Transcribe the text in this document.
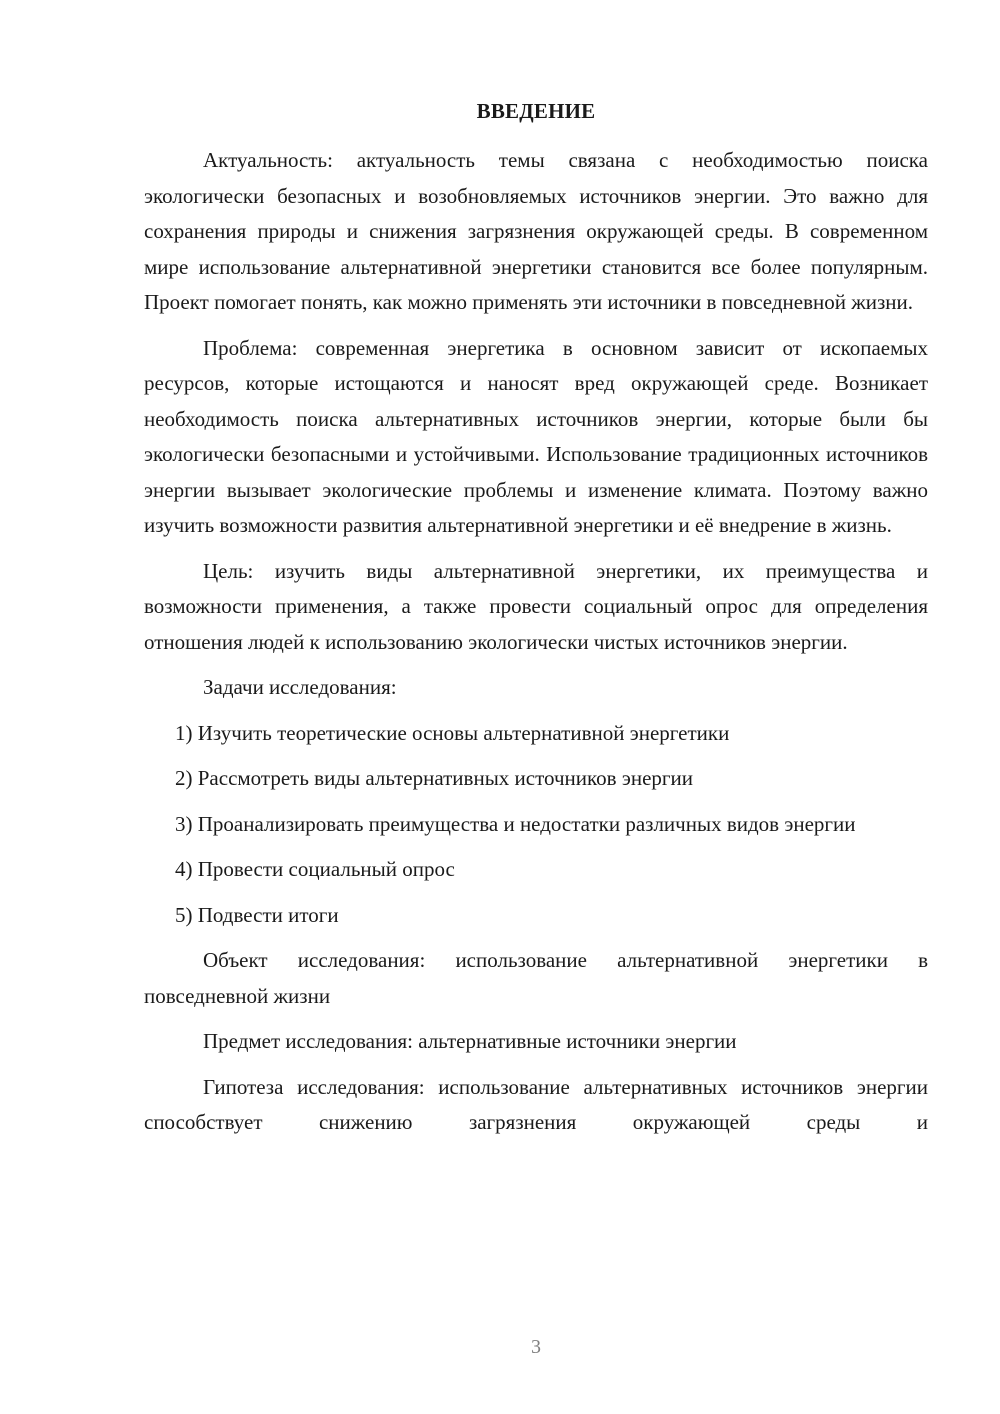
ВВЕДЕНИЕ

Актуальность: актуальность темы связана с необходимостью поиска экологически безопасных и возобновляемых источников энергии. Это важно для сохранения природы и снижения загрязнения окружающей среды. В современном мире использование альтернативной энергетики становится все более популярным. Проект помогает понять, как можно применять эти источники в повседневной жизни.

Проблема: современная энергетика в основном зависит от ископаемых ресурсов, которые истощаются и наносят вред окружающей среде. Возникает необходимость поиска альтернативных источников энергии, которые были бы экологически безопасными и устойчивыми. Использование традиционных источников энергии вызывает экологические проблемы и изменение климата. Поэтому важно изучить возможности развития альтернативной энергетики и её внедрение в жизнь.

Цель: изучить виды альтернативной энергетики, их преимущества и возможности применения, а также провести социальный опрос для определения отношения людей к использованию экологически чистых источников энергии.

Задачи исследования:

1) Изучить теоретические основы альтернативной энергетики

2) Рассмотреть виды альтернативных источников энергии

3) Проанализировать преимущества и недостатки различных видов энергии

4) Провести социальный опрос

5) Подвести итоги

Объект исследования: использование альтернативной энергетики в повседневной жизни

Предмет исследования: альтернативные источники энергии

Гипотеза исследования: использование альтернативных источников энергии способствует снижению загрязнения окружающей среды и

3
